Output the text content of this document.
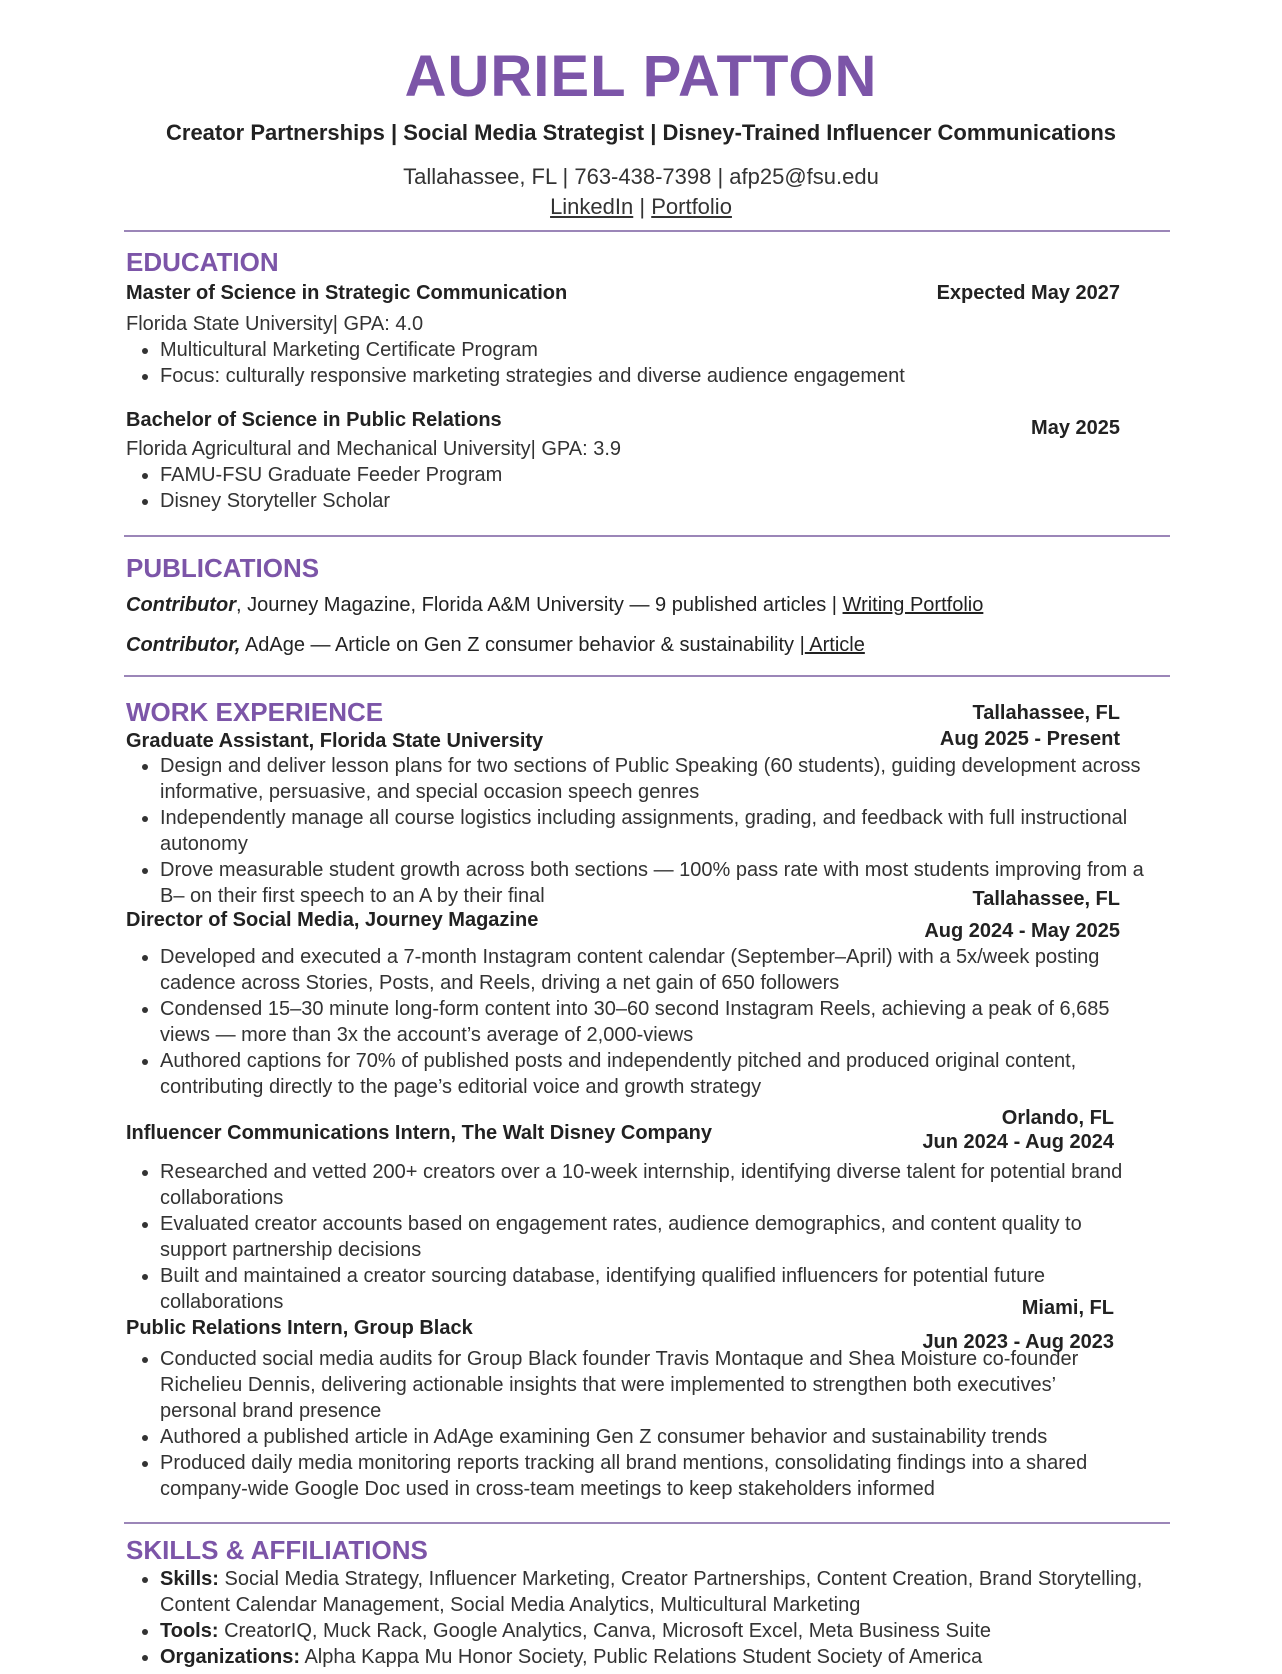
AURIEL PATTON
Creator Partnerships | Social Media Strategist | Disney-Trained Influencer Communications
Tallahassee, FL | 763-438-7398 | afp25@fsu.edu
LinkedIn | Portfolio
EDUCATION
Expected May 2027
Master of Science in Strategic Communication
Florida State University| GPA: 4.0
• Multicultural Marketing Certificate Program
• Focus: culturally responsive marketing strategies and diverse audience engagement
May 2025
Bachelor of Science in Public Relations
Florida Agricultural and Mechanical University| GPA: 3.9
• FAMU-FSU Graduate Feeder Program
• Disney Storyteller Scholar
PUBLICATIONS
Contributor, Journey Magazine, Florida A&M University — 9 published articles | Writing Portfolio
Contributor, AdAge — Article on Gen Z consumer behavior & sustainability | Article
WORK EXPERIENCE	Tallahassee, FL
Aug 2025 - Present
Graduate Assistant, Florida State University
• Design and deliver lesson plans for two sections of Public Speaking (60 students), guiding development across informative, persuasive, and special occasion speech genres
• Independently manage all course logistics including assignments, grading, and feedback with full instructional autonomy
• Drove measurable student growth across both sections — 100% pass rate with most students improving from a B– on their first speech to an A by their final	Tallahassee, FL
Aug 2024 - May 2025
Director of Social Media, Journey Magazine
• Developed and executed a 7-month Instagram content calendar (September–April) with a 5x/week posting cadence across Stories, Posts, and Reels, driving a net gain of 650 followers
• Condensed 15–30 minute long-form content into 30–60 second Instagram Reels, achieving a peak of 6,685 views — more than 3x the account’s average of 2,000-views
• Authored captions for 70% of published posts and independently pitched and produced original content, contributing directly to the page’s editorial voice and growth strategy
Orlando, FL
Jun 2024 - Aug 2024
Influencer Communications Intern, The Walt Disney Company
• Researched and vetted 200+ creators over a 10-week internship, identifying diverse talent for potential brand collaborations
• Evaluated creator accounts based on engagement rates, audience demographics, and content quality to support partnership decisions
• Built and maintained a creator sourcing database, identifying qualified influencers for potential future collaborations	Miami, FL
Jun 2023 - Aug 2023
Public Relations Intern, Group Black
• Conducted social media audits for Group Black founder Travis Montaque and Shea Moisture co-founder Richelieu Dennis, delivering actionable insights that were implemented to strengthen both executives’ personal brand presence
• Authored a published article in AdAge examining Gen Z consumer behavior and sustainability trends
• Produced daily media monitoring reports tracking all brand mentions, consolidating findings into a shared company-wide Google Doc used in cross-team meetings to keep stakeholders informed
SKILLS & AFFILIATIONS
• Skills: Social Media Strategy, Influencer Marketing, Creator Partnerships, Content Creation, Brand Storytelling, Content Calendar Management, Social Media Analytics, Multicultural Marketing
• Tools: CreatorIQ, Muck Rack, Google Analytics, Canva, Microsoft Excel, Meta Business Suite
• Organizations: Alpha Kappa Mu Honor Society, Public Relations Student Society of America
